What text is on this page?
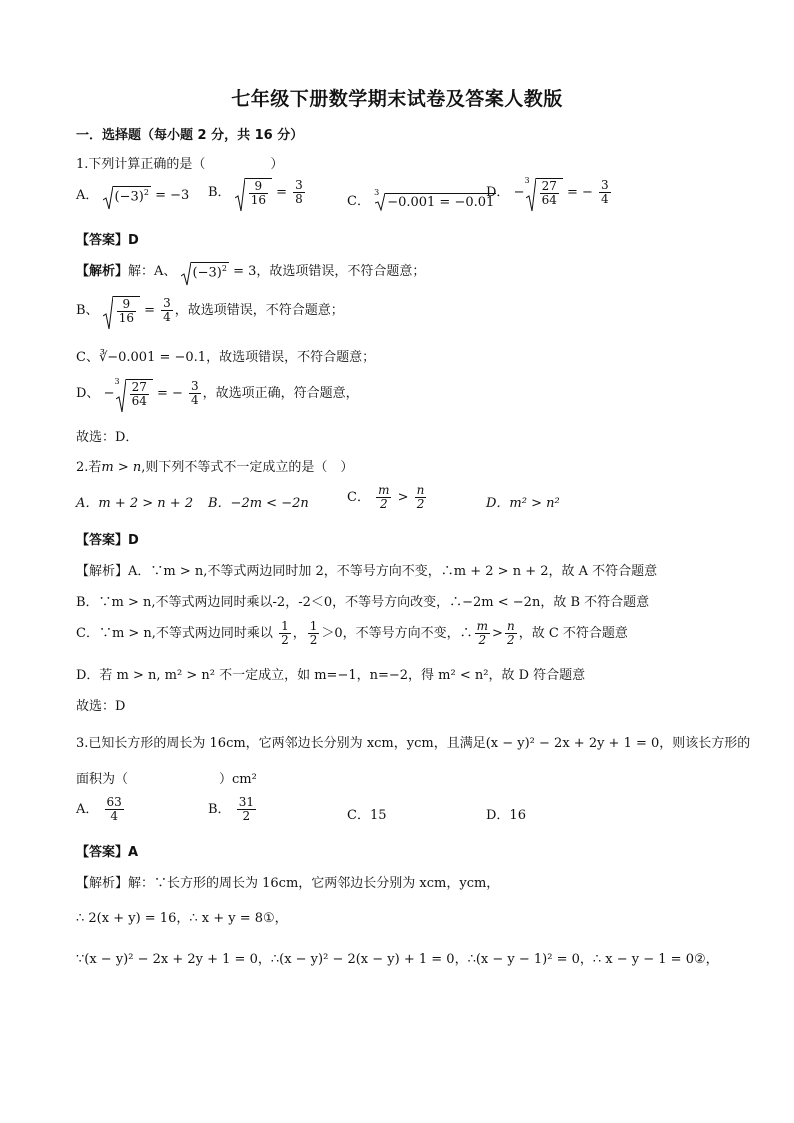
七年级下册数学期末试卷及答案人教版
一．选择题（每小题 2 分，共 16 分）
1.下列计算正确的是（　　　　　）
A． $(-3)^2 = -3$ B． $\frac{9}{16} = \frac{3}{8}$	C． $^3$
−0.001 = −0.01
D． $-^3 \frac{27}{64}$ = − $\frac{3}{4}$
【答案】D
【解析】解：A、 $(-3)^2 = 3$，故选项错误，不符合题意；
B、 $\frac{9}{16} = \frac{3}{4}$ ，故选项错误，不符合题意；
C、∛−0.001 = −0.1，故选项错误，不符合题意；
D、 $-^3 \frac{27}{64}$ = − $\frac{3}{4}$ ，故选项正确，符合题意，
故选：D．
2.若m > n,则下列不等式不一定成立的是（　）
A．m + 2 > n + 2 B．−2m < −2n	C． $\frac{m}{2} > \frac{n}{2}$	D．m² > n²
【答案】D
【解析】A．∵m > n,不等式两边同时加 2，不等号方向不变，∴m + 2 > n + 2，故 A 不符合题意
B．∵m > n,不等式两边同时乘以-2，-2＜0，不等号方向改变，∴−2m < −2n，故 B 不符合题意
C．∵m > n,不等式两边同时乘以 $\frac{1}{2}$ ， $\frac{1}{2} >0$，不等号方向不变，∴ $\frac{m}{2} > \frac{n}{2}$ ，故 C 不符合题意
D．若 m > n, m² > n² 不一定成立，如 m=−1，n=−2，得 m² < n²，故 D 符合题意
故选：D
3.已知长方形的周长为 16cm，它两邻边长分别为 xcm，ycm，且满足(x − y)² − 2x + 2y + 1 = 0，则该长方形的
面积为（　　　　　　　）cm²
A． $\frac{63}{4}$	B． $\frac{31}{2}$	C．15	D．16
【答案】A
【解析】解：∵长方形的周长为 16cm，它两邻边长分别为 xcm，ycm，
∴ 2(x + y) = 16，∴ x + y = 8①，
∵(x − y)² − 2x + 2y + 1 = 0，∴(x − y)² − 2(x − y) + 1 = 0，∴(x − y − 1)² = 0，∴ x − y − 1 = 0②，
